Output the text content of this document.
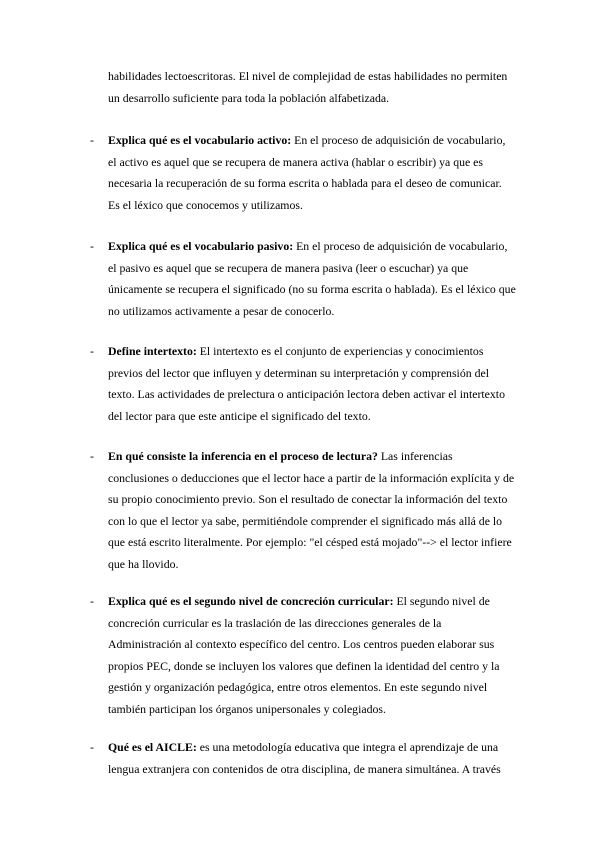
habilidades lectoescritoras. El nivel de complejidad de estas habilidades no permiten
un desarrollo suficiente para toda la población alfabetizada.

- Explica qué es el vocabulario activo: En el proceso de adquisición de vocabulario,
el activo es aquel que se recupera de manera activa (hablar o escribir) ya que es
necesaria la recuperación de su forma escrita o hablada para el deseo de comunicar.
Es el léxico que conocemos y utilizamos.

- Explica qué es el vocabulario pasivo: En el proceso de adquisición de vocabulario,
el pasivo es aquel que se recupera de manera pasiva (leer o escuchar) ya que
únicamente se recupera el significado (no su forma escrita o hablada). Es el léxico que
no utilizamos activamente a pesar de conocerlo.

- Define intertexto: El intertexto es el conjunto de experiencias y conocimientos
previos del lector que influyen y determinan su interpretación y comprensión del
texto. Las actividades de prelectura o anticipación lectora deben activar el intertexto
del lector para que este anticipe el significado del texto.

- En qué consiste la inferencia en el proceso de lectura? Las inferencias
conclusiones o deducciones que el lector hace a partir de la información explícita y de
su propio conocimiento previo. Son el resultado de conectar la información del texto
con lo que el lector ya sabe, permitiéndole comprender el significado más allá de lo
que está escrito literalmente. Por ejemplo: "el césped está mojado"--> el lector infiere
que ha llovido.

- Explica qué es el segundo nivel de concreción curricular: El segundo nivel de
concreción curricular es la traslación de las direcciones generales de la
Administración al contexto específico del centro. Los centros pueden elaborar sus
propios PEC, donde se incluyen los valores que definen la identidad del centro y la
gestión y organización pedagógica, entre otros elementos. En este segundo nivel
también participan los órganos unipersonales y colegiados.

- Qué es el AICLE: es una metodología educativa que integra el aprendizaje de una
lengua extranjera con contenidos de otra disciplina, de manera simultánea. A través
